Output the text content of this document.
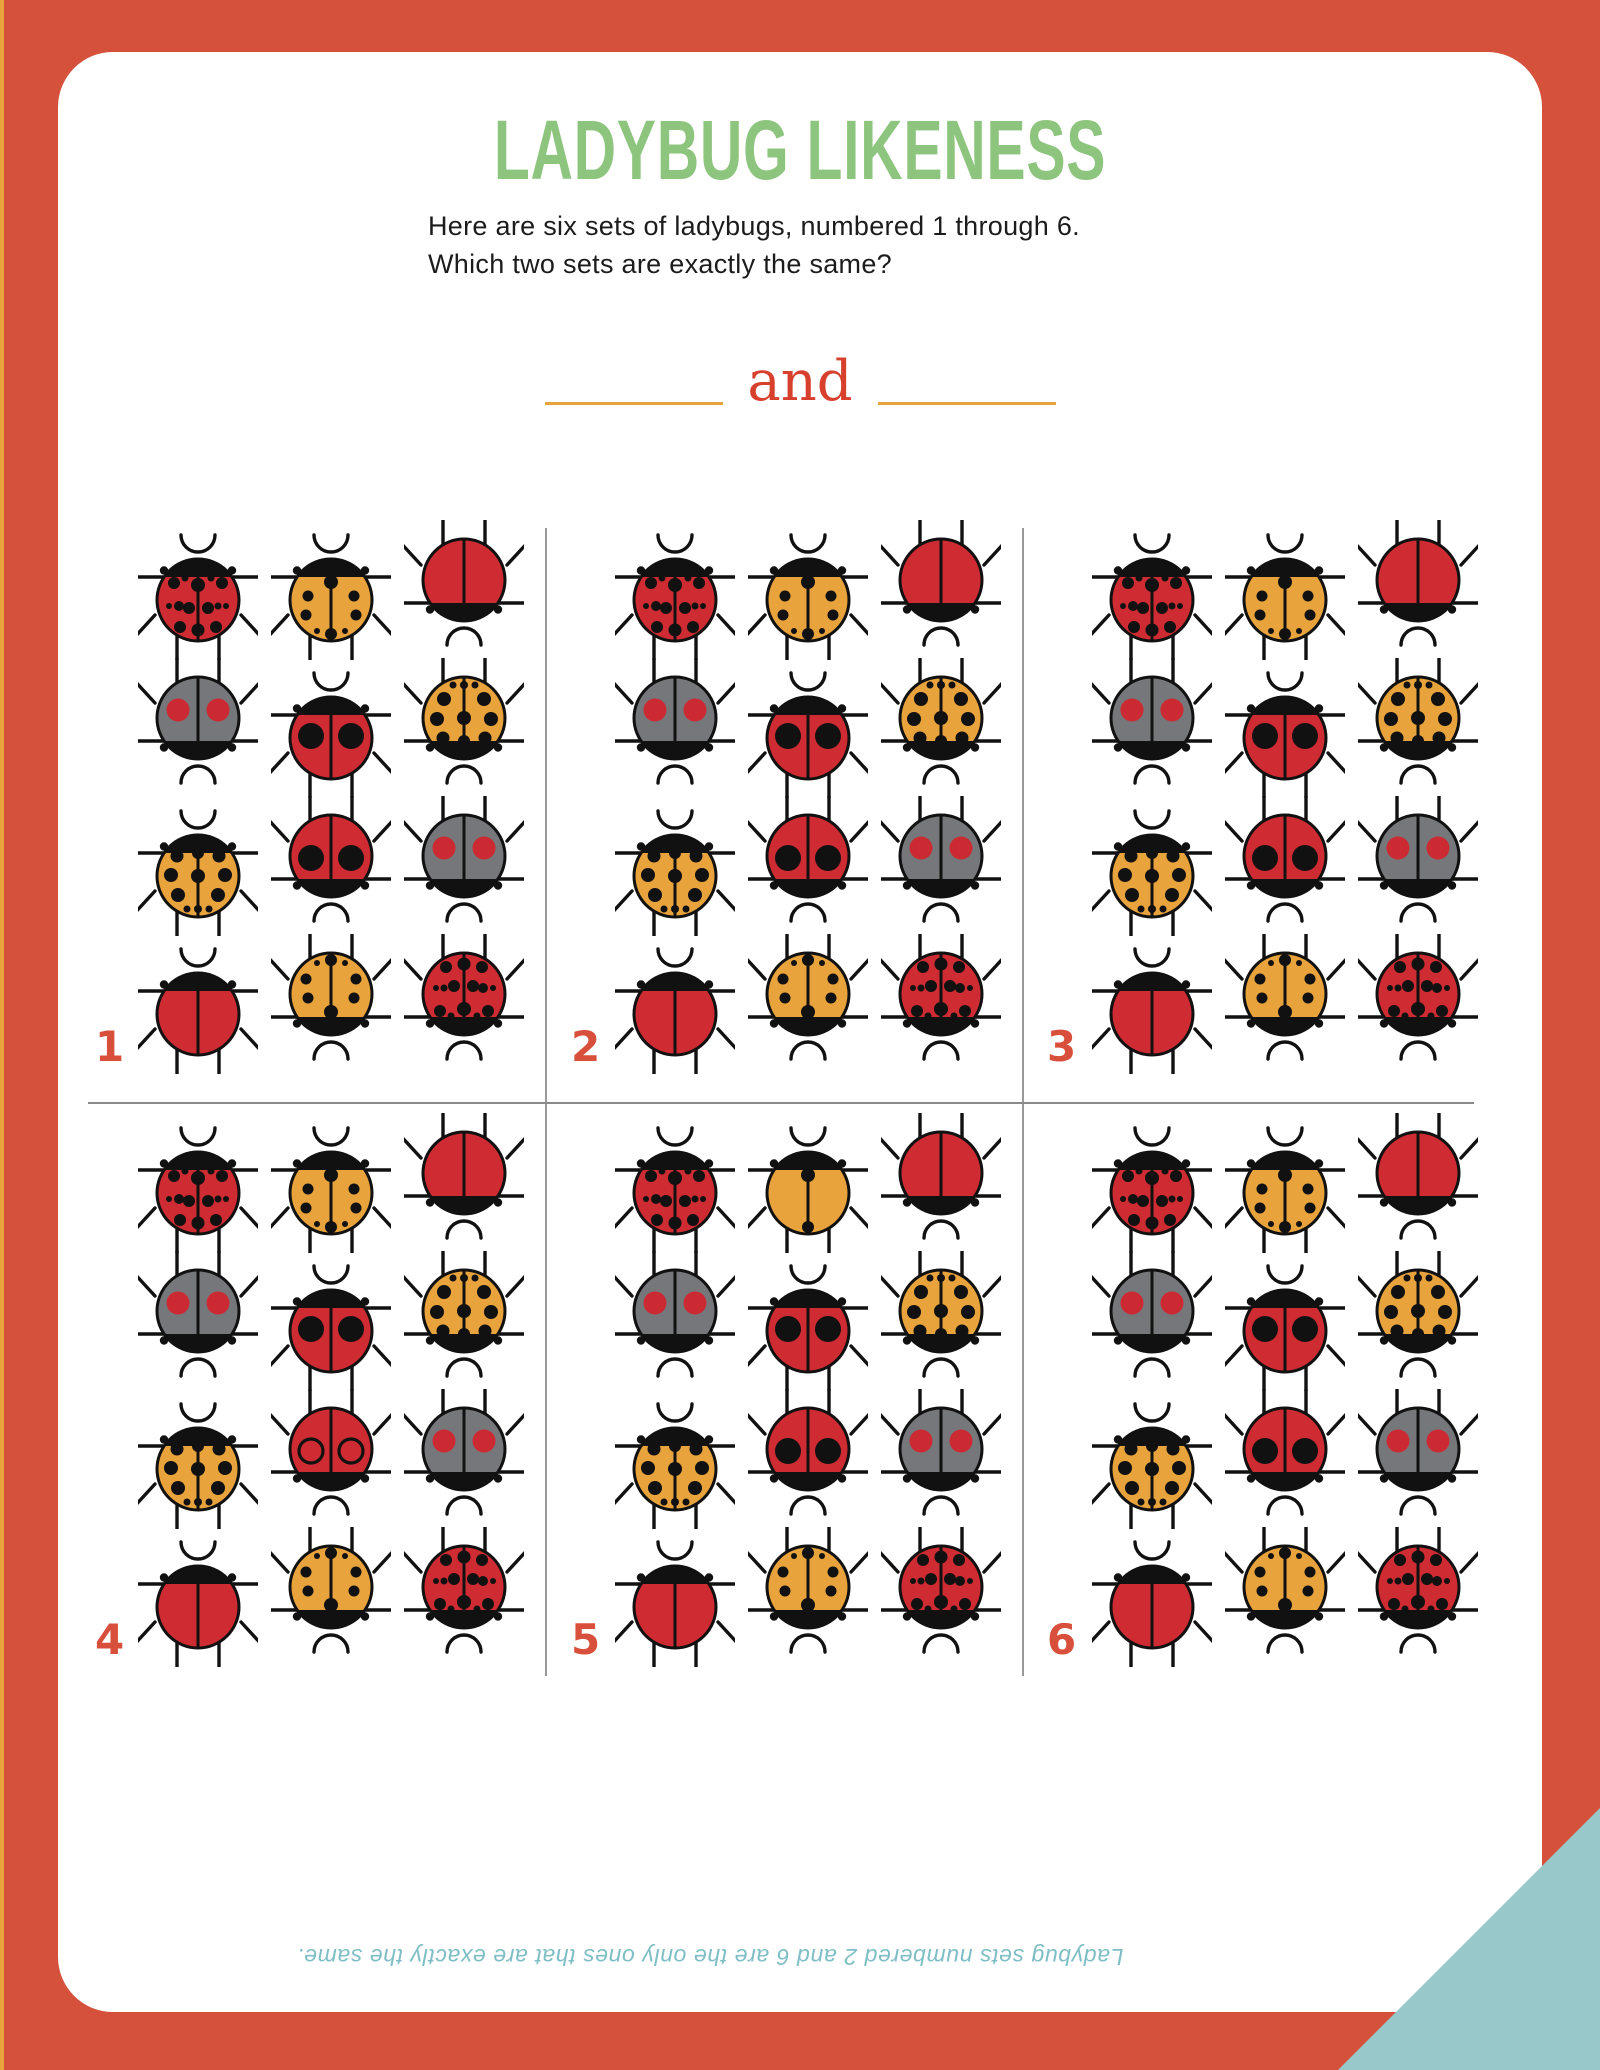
LADYBUG LIKENESS
Here are six sets of ladybugs, numbered 1 through 6.
Which two sets are exactly the same?
and
1	2	3
4	5	6
Ladybug sets numbered 2 and 6 are the only ones that are exactly the same.
